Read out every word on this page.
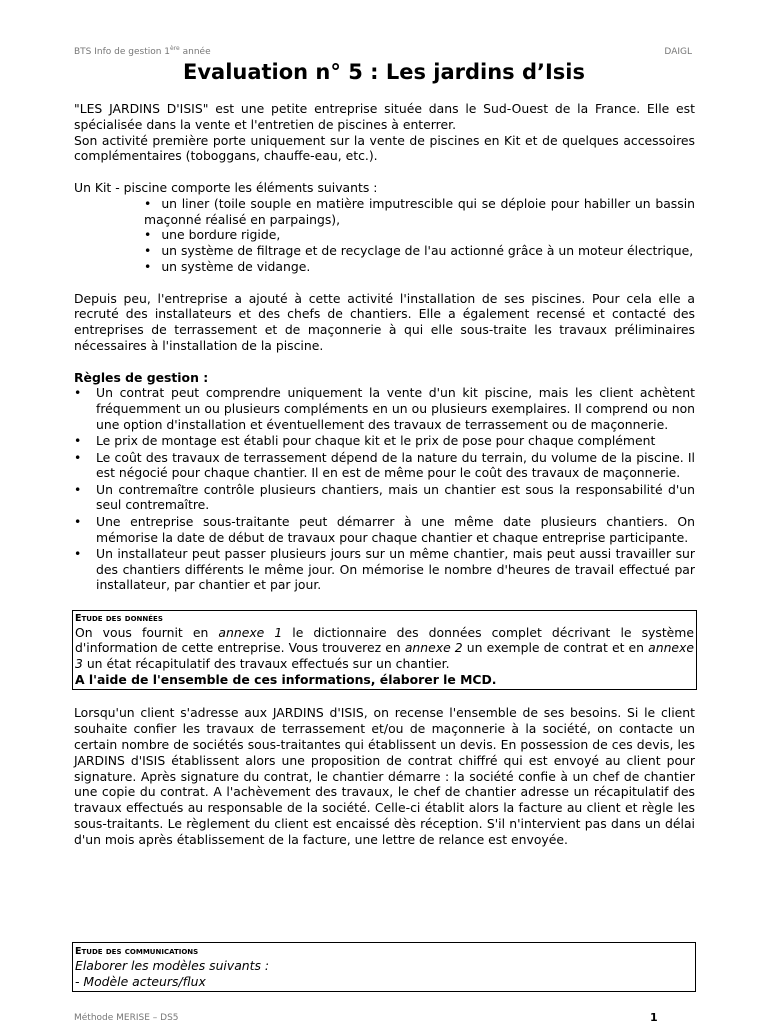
BTS Info de gestion 1ère année	DAIGL
Evaluation n° 5 : Les jardins d’Isis

"LES JARDINS D'ISIS" est une petite entreprise située dans le Sud-Ouest de la France. Elle est spécialisée dans la vente et l'entretien de piscines à enterrer.

Son activité première porte uniquement sur la vente de piscines en Kit et de quelques accessoires complémentaires (toboggans, chauffe-eau, etc.).

Un Kit - piscine comporte les éléments suivants :

• un liner (toile souple en matière imputrescible qui se déploie pour habiller un bassin maçonné réalisé en parpaings),
• une bordure rigide,
• un système de filtrage et de recyclage de l'au actionné grâce à un moteur électrique,
• un système de vidange.

Depuis peu, l'entreprise a ajouté à cette activité l'installation de ses piscines. Pour cela elle a recruté des installateurs et des chefs de chantiers. Elle a également recensé et contacté des entreprises de terrassement et de maçonnerie à qui elle sous-traite les travaux préliminaires nécessaires à l'installation de la piscine.

Règles de gestion :

• Un contrat peut comprendre uniquement la vente d'un kit piscine, mais les client achètent fréquemment un ou plusieurs compléments en un ou plusieurs exemplaires. Il comprend ou non une option d'installation et éventuellement des travaux de terrassement ou de maçonnerie.
• Le prix de montage est établi pour chaque kit et le prix de pose pour chaque complément
• Le coût des travaux de terrassement dépend de la nature du terrain, du volume de la piscine. Il est négocié pour chaque chantier. Il en est de même pour le coût des travaux de maçonnerie.
• Un contremaître contrôle plusieurs chantiers, mais un chantier est sous la responsabilité d'un seul contremaître.
• Une entreprise sous-traitante peut démarrer à une même date plusieurs chantiers. On mémorise la date de début de travaux pour chaque chantier et chaque entreprise participante.
• Un installateur peut passer plusieurs jours sur un même chantier, mais peut aussi travailler sur des chantiers différents le même jour. On mémorise le nombre d'heures de travail effectué par installateur, par chantier et par jour.
Etude des données

On vous fournit en annexe 1 le dictionnaire des données complet décrivant le système d'information de cette entreprise. Vous trouverez en annexe 2 un exemple de contrat et en annexe 3 un état récapitulatif des travaux effectués sur un chantier.

A l'aide de l'ensemble de ces informations, élaborer le MCD.

Lorsqu'un client s'adresse aux JARDINS d'ISIS, on recense l'ensemble de ses besoins. Si le client souhaite confier les travaux de terrassement et/ou de maçonnerie à la société, on contacte un certain nombre de sociétés sous-traitantes qui établissent un devis. En possession de ces devis, les JARDINS d'ISIS établissent alors une proposition de contrat chiffré qui est envoyé au client pour signature. Après signature du contrat, le chantier démarre : la société confie à un chef de chantier une copie du contrat. A l'achèvement des travaux, le chef de chantier adresse un récapitulatif des travaux effectués au responsable de la société. Celle-ci établit alors la facture au client et règle les sous-traitants. Le règlement du client est encaissé dès réception. S'il n'intervient pas dans un délai d'un mois après établissement de la facture, une lettre de relance est envoyée.

Etude des communications
Elaborer les modèles suivants :
- Modèle acteurs/flux
Méthode MERISE – DS5	1
